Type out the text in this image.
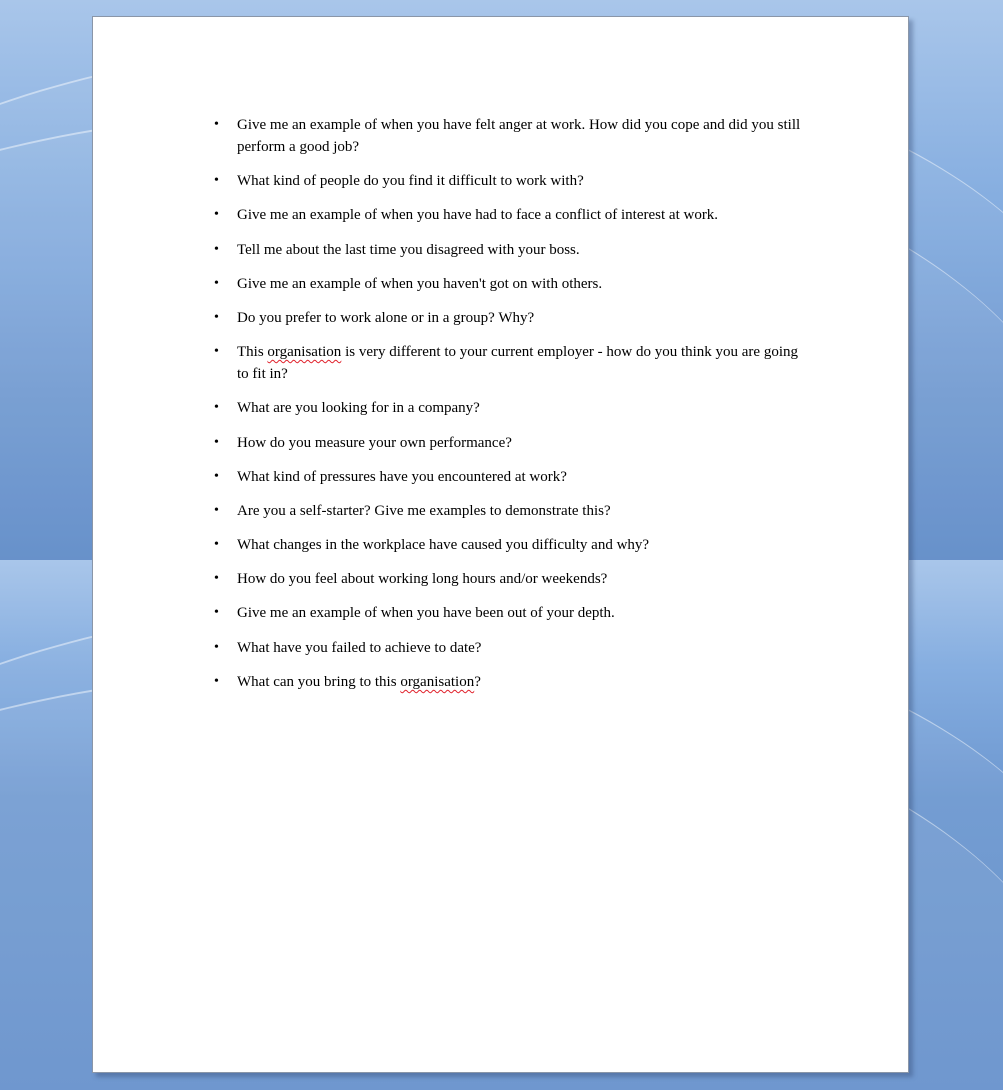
• Give me an example of when you have felt anger at work. How did you cope and did you still perform a good job?
• What kind of people do you find it difficult to work with?
• Give me an example of when you have had to face a conflict of interest at work.
• Tell me about the last time you disagreed with your boss.
• Give me an example of when you haven't got on with others.
• Do you prefer to work alone or in a group? Why?
• This organisation is very different to your current employer - how do you think you are going to fit in?
• What are you looking for in a company?
• How do you measure your own performance?
• What kind of pressures have you encountered at work?
• Are you a self-starter? Give me examples to demonstrate this?
• What changes in the workplace have caused you difficulty and why?
• How do you feel about working long hours and/or weekends?
• Give me an example of when you have been out of your depth.
• What have you failed to achieve to date?
• What can you bring to this organisation?
